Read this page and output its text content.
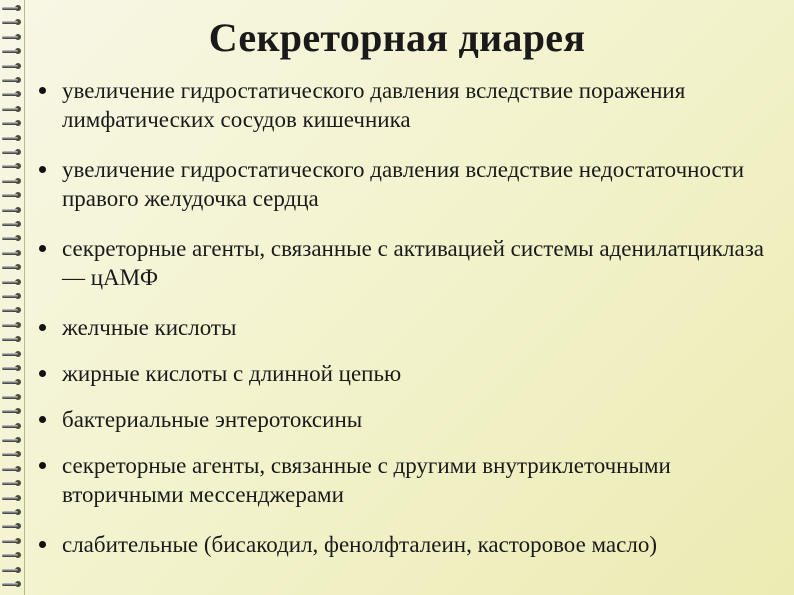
Секреторная диарея
увеличение гидростатического давления вследствие поражения лимфатических сосудов кишечника
увеличение гидростатического давления вследствие недостаточности правого желудочка сердца
секреторные агенты, связанные с активацией системы аденилатциклаза — цАМФ
желчные кислоты
жирные кислоты с длинной цепью
бактериальные энтеротоксины
секреторные агенты, связанные с другими внутриклеточными вторичными мессенджерами
слабительные (бисакодил, фенолфталеин, касторовое масло)
